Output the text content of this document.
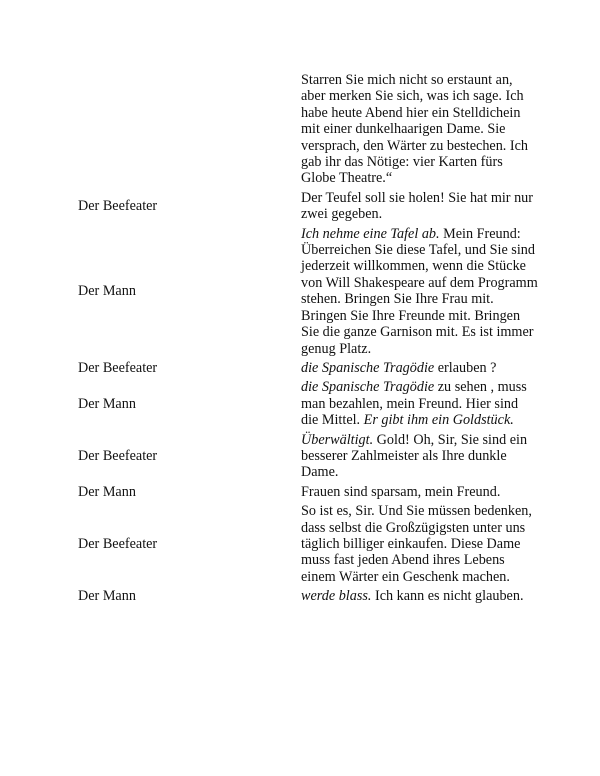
	Starren Sie mich nicht so erstaunt an, aber merken Sie sich, was ich sage. Ich habe heute Abend hier ein Stelldichein mit einer dunkelhaarigen Dame. Sie versprach, den Wärter zu bestechen. Ich gab ihr das Nötige: vier Karten fürs Globe Theatre.“

Der Beefeater	Der Teufel soll sie holen! Sie hat mir nur zwei gegeben.

Der Mann	Ich nehme eine Tafel ab. Mein Freund: Überreichen Sie diese Tafel, und Sie sind jederzeit willkommen, wenn die Stücke von Will Shakespeare auf dem Programm stehen. Bringen Sie Ihre Frau mit. Bringen Sie Ihre Freunde mit. Bringen Sie die ganze Garnison mit. Es ist immer genug Platz.

Der Beefeater	die Spanische Tragödie erlauben ?

Der Mann	die Spanische Tragödie zu sehen , muss man bezahlen, mein Freund. Hier sind die Mittel. Er gibt ihm ein Goldstück.

Der Beefeater	Überwältigt. Gold! Oh, Sir, Sie sind ein besserer Zahlmeister als Ihre dunkle Dame.

Der Mann	Frauen sind sparsam, mein Freund.

Der Beefeater	So ist es, Sir. Und Sie müssen bedenken, dass selbst die Großzügigsten unter uns täglich billiger einkaufen. Diese Dame muss fast jeden Abend ihres Lebens einem Wärter ein Geschenk machen.

Der Mann	werde blass. Ich kann es nicht glauben.
